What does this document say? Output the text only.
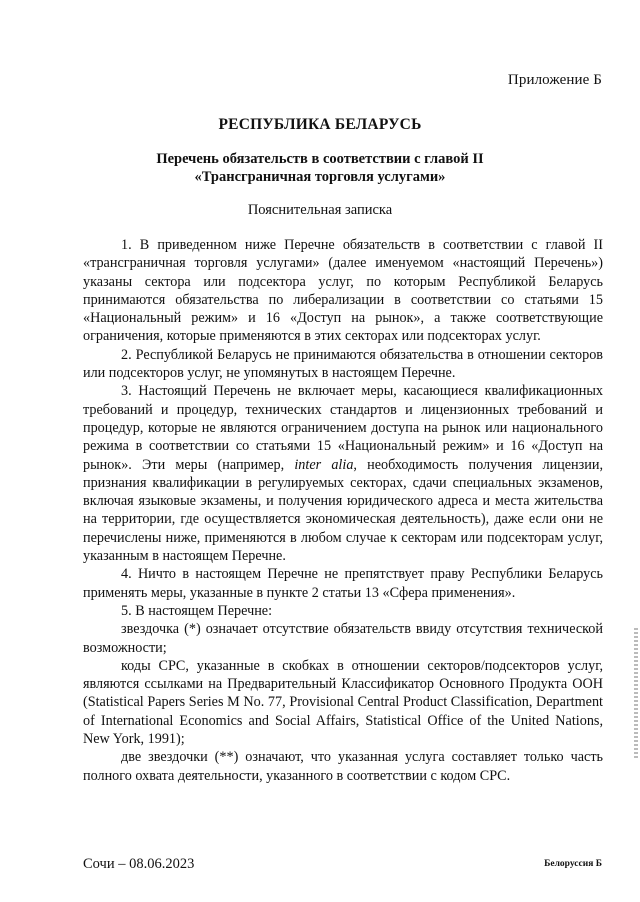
Приложение Б
РЕСПУБЛИКА БЕЛАРУСЬ
Перечень обязательств в соответствии с главой II
«Трансграничная торговля услугами»
Пояснительная записка

1. В приведенном ниже Перечне обязательств в соответствии с главой II «трансграничная торговля услугами» (далее именуемом «настоящий Перечень») указаны сектора или подсектора услуг, по которым Республикой Беларусь принимаются обязательства по либерализации в соответствии со статьями 15 «Национальный режим» и 16 «Доступ на рынок», а также соответствующие ограничения, которые применяются в этих секторах или подсекторах услуг.

2. Республикой Беларусь не принимаются обязательства в отношении секторов или подсекторов услуг, не упомянутых в настоящем Перечне.

3. Настоящий Перечень не включает меры, касающиеся квалификационных требований и процедур, технических стандартов и лицензионных требований и процедур, которые не являются ограничением доступа на рынок или национального режима в соответствии со статьями 15 «Национальный режим» и 16 «Доступ на рынок». Эти меры (например, inter alia, необходимость получения лицензии, признания квалификации в регулируемых секторах, сдачи специальных экзаменов, включая языковые экзамены, и получения юридического адреса и места жительства на территории, где осуществляется экономическая деятельность), даже если они не перечислены ниже, применяются в любом случае к секторам или подсекторам услуг, указанным в настоящем Перечне.

4. Ничто в настоящем Перечне не препятствует праву Республики Беларусь применять меры, указанные в пункте 2 статьи 13 «Сфера применения».

5. В настоящем Перечне:

звездочка (*) означает отсутствие обязательств ввиду отсутствия технической возможности;

коды CPC, указанные в скобках в отношении секторов/подсекторов услуг, являются ссылками на Предварительный Классификатор Основного Продукта ООН (Statistical Papers Series M No. 77, Provisional Central Product Classification, Department of International Economics and Social Affairs, Statistical Office of the United Nations, New York, 1991);

две звездочки (**) означают, что указанная услуга составляет только часть полного охвата деятельности, указанного в соответствии с кодом CPC.

Сочи – 08.06.2023	Белоруссия Б
